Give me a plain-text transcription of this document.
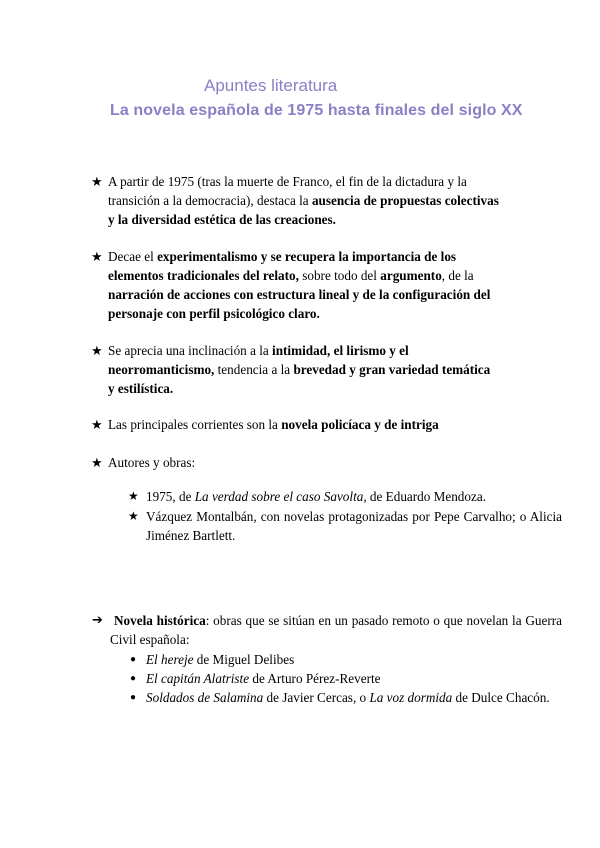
Apuntes literatura
La novela española de 1975 hasta finales del siglo XX
★ A partir de 1975 (tras la muerte de Franco, el fin de la dictadura y la
transición a la democracia), destaca la ausencia de propuestas colectivas
y la diversidad estética de las creaciones.
★ Decae el experimentalismo y se recupera la importancia de los
elementos tradicionales del relato, sobre todo del argumento, de la
narración de acciones con estructura lineal y de la configuración del
personaje con perfil psicológico claro.
★ Se aprecia una inclinación a la intimidad, el lirismo y el
neorromanticismo, tendencia a la brevedad y gran variedad temática
y estilística.
★ Las principales corrientes son la novela policíaca y de intriga
★ Autores y obras:
★ 1975, de La verdad sobre el caso Savolta, de Eduardo Mendoza.
★ Vázquez Montalbán, con novelas protagonizadas por Pepe Carvalho; o Alicia Jiménez Bartlett.
➔ Novela histórica: obras que se sitúan en un pasado remoto o que novelan la Guerra Civil española:
● El hereje de Miguel Delibes
● El capitán Alatriste de Arturo Pérez-Reverte
● Soldados de Salamina de Javier Cercas, o La voz dormida de Dulce Chacón.
